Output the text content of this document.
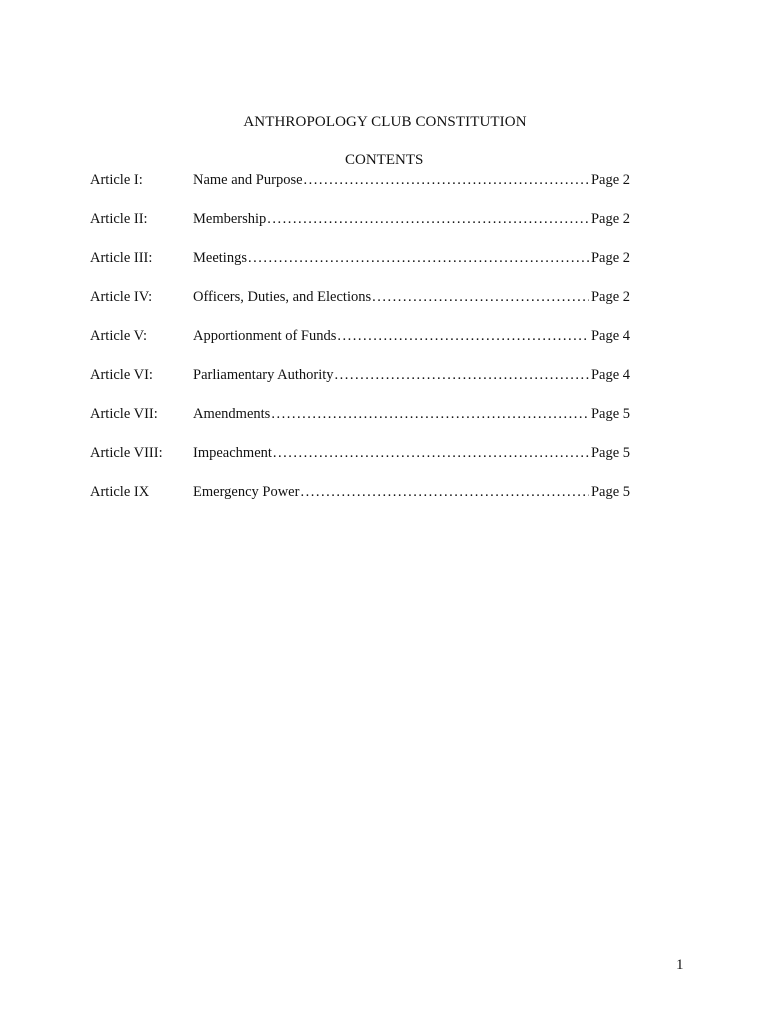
ANTHROPOLOGY CLUB CONSTITUTION
CONTENTS
Article I:	Name and Purpose .....	Page 2
Article II:	Membership .....	Page 2
Article III:	Meetings .....	Page 2
Article IV:	Officers, Duties, and Elections .....	Page 2
Article V:	Apportionment of Funds .....	Page 4
Article VI:	Parliamentary Authority .....	Page 4
Article VII:	Amendments .....	Page 5
Article VIII:	Impeachment .....	Page 5
Article IX	Emergency Power .....	Page 5
1
